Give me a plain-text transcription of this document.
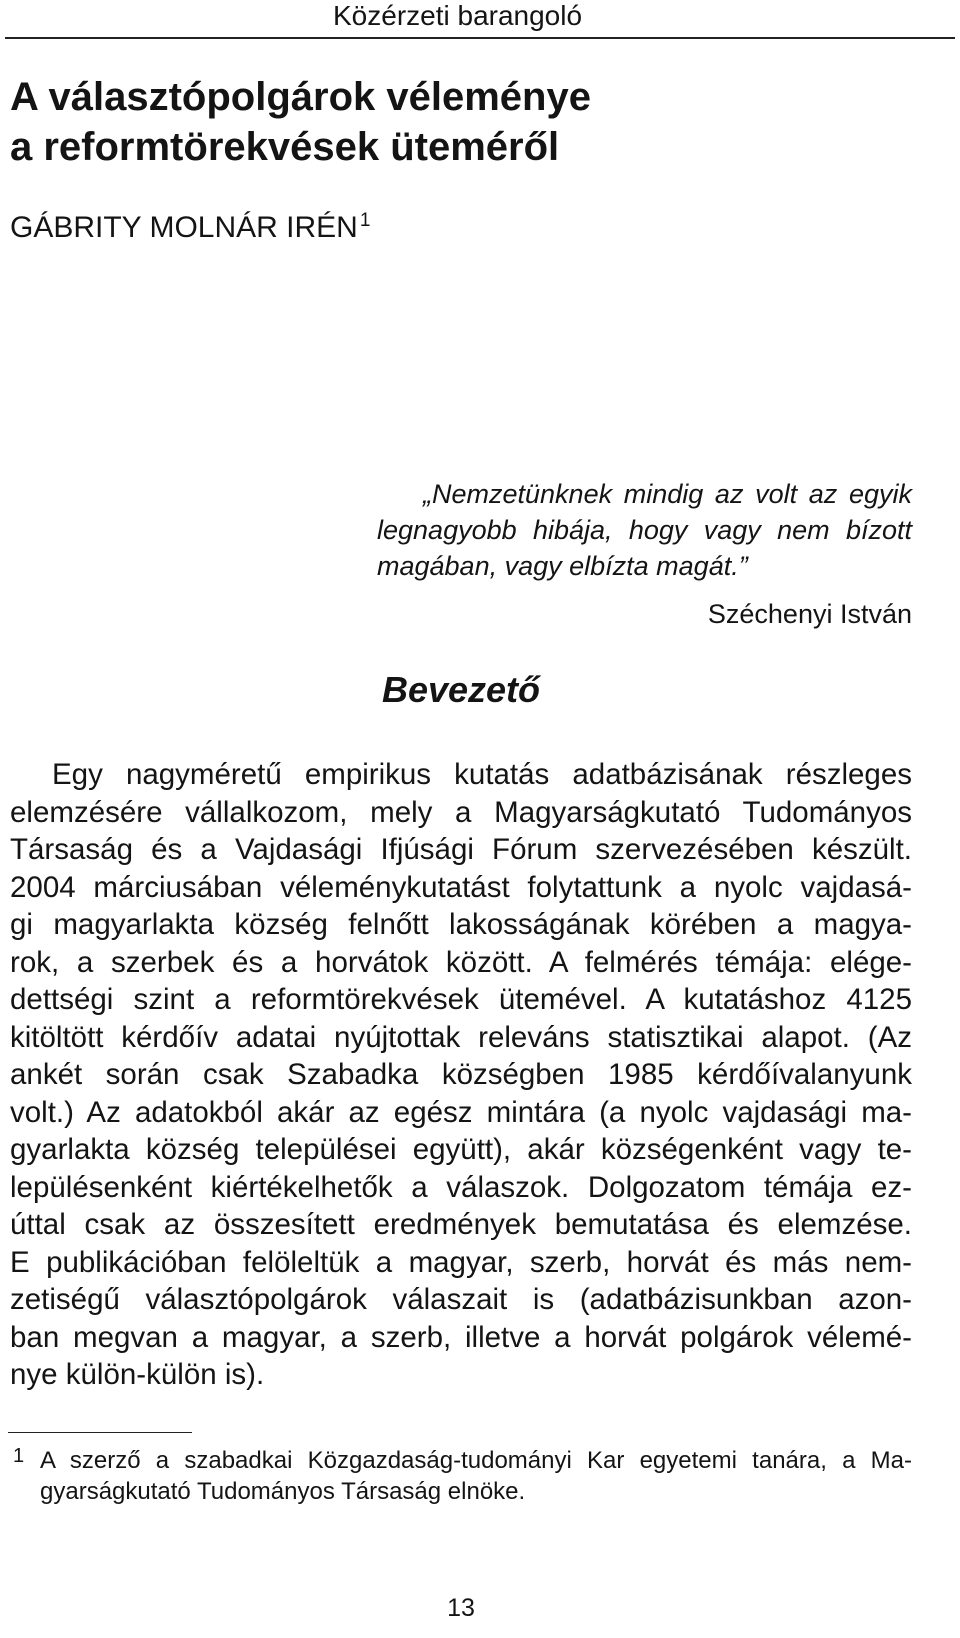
Közérzeti barangoló
A választópolgárok véleménye
a reformtörekvések üteméről
GÁBRITY MOLNÁR IRÉN $^1$
„Nemzetünknek mindig az volt az egyik
legnagyobb hibája, hogy vagy nem bízott
magában, vagy elbízta magát.”
Széchenyi István
Bevezető
Egy nagyméretű empirikus kutatás adatbázisának részleges
elemzésére vállalkozom, mely a Magyarságkutató Tudományos
Társaság és a Vajdasági Ifjúsági Fórum szervezésében készült.
2004 márciusában véleménykutatást folytattunk a nyolc vajdasá-
gi magyarlakta község felnőtt lakosságának körében a magya-
rok, a szerbek és a horvátok között. A felmérés témája: elége-
dettségi szint a reformtörekvések ütemével. A kutatáshoz 4125
kitöltött kérdőív adatai nyújtottak releváns statisztikai alapot. (Az
ankét során csak Szabadka községben 1985 kérdőívalanyunk
volt.) Az adatokból akár az egész mintára (a nyolc vajdasági ma-
gyarlakta község települései együtt), akár községenként vagy te-
lepülésenként kiértékelhetők a válaszok. Dolgozatom témája ez-
úttal csak az összesített eredmények bemutatása és elemzése.
E publikációban felöleltük a magyar, szerb, horvát és más nem-
zetiségű választópolgárok válaszait is (adatbázisunkban azon-
ban megvan a magyar, a szerb, illetve a horvát polgárok vélemé-
nye külön-külön is).
1 A szerző a szabadkai Közgazdaság-tudományi Kar egyetemi tanára, a Ma-
gyarságkutató Tudományos Társaság elnöke.
13
